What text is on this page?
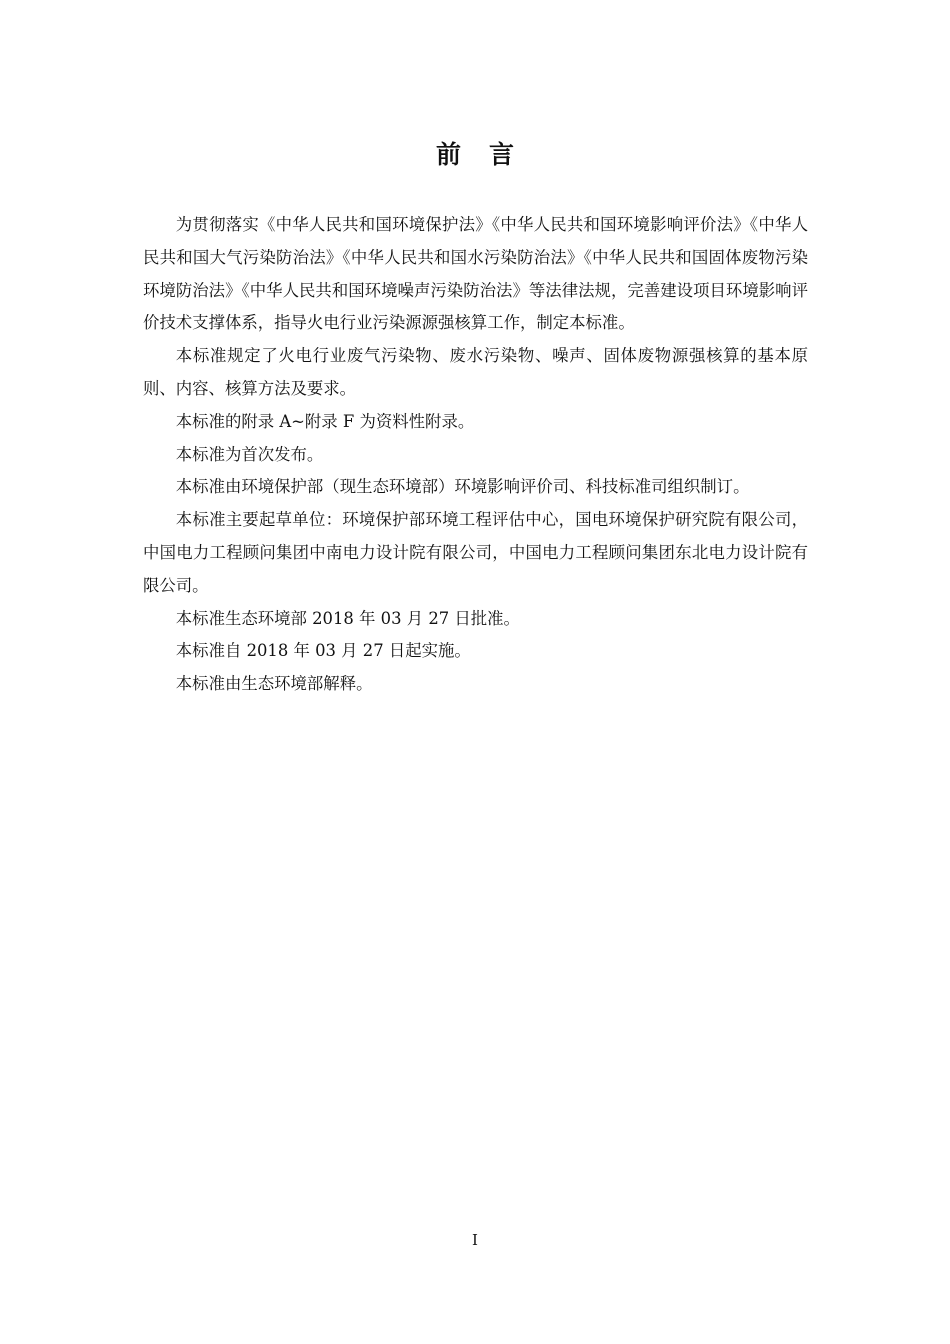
前言

为贯彻落实《中华人民共和国环境保护法》《中华人民共和国环境影响评价法》《中华人民共和国大气污染防治法》《中华人民共和国水污染防治法》《中华人民共和国固体废物污染环境防治法》《中华人民共和国环境噪声污染防治法》等法律法规，完善建设项目环境影响评价技术支撑体系，指导火电行业污染源源强核算工作，制定本标准。

本标准规定了火电行业废气污染物、废水污染物、噪声、固体废物源强核算的基本原则、内容、核算方法及要求。

本标准的附录 A~附录 F 为资料性附录。

本标准为首次发布。

本标准由环境保护部（现生态环境部）环境影响评价司、科技标准司组织制订。

本标准主要起草单位：环境保护部环境工程评估中心，国电环境保护研究院有限公司，中国电力工程顾问集团中南电力设计院有限公司，中国电力工程顾问集团东北电力设计院有限公司。

本标准生态环境部 2018 年 03 月 27 日批准。

本标准自 2018 年 03 月 27 日起实施。

本标准由生态环境部解释。

I
